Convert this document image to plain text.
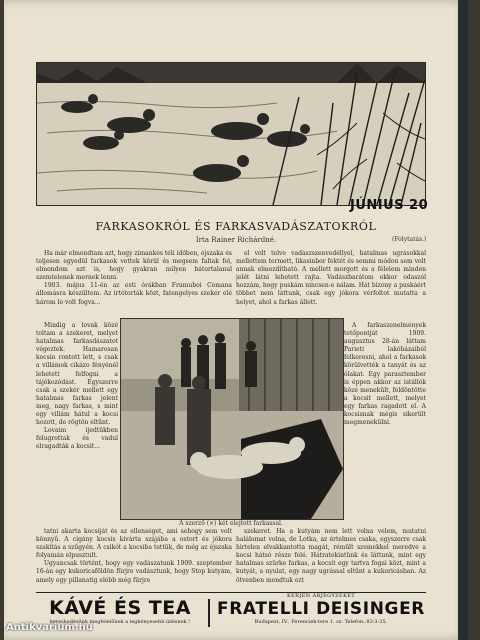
JÚNIUS 20
FARKASOKRÓL ÉS FARKASVADÁSZATOKRÓL
Irta Rainer Richárdné.	(Folytatás.)

Ha már elmondtam azt, hogy zimankós téli időben, éjszaka és teljesen egyedül farkasok vettek körül és megsem faltak fel, elmondom azt is, hogy gyakran milyen bátortalanul szemtelenek mernek lenni.

1903. május 11-én az esti órákban Frumuboi Comana állomásra készültem. Az irtótorták közt, fatengelyes szekér elé három lo volt fogva...

el volt telve vadászszenvedéllyel, hatalmas ugrásokkal mellettem termett, likasinbor fektét és semmi módon sem volt annak elmozdítható. A mellett morgott és a félelem minden jelét látni lehetett rajta. Vadászbarátom ekkor odaszól hozzám, hogy puskám nincsen-e nálam. Hát bizony a puskáért többet nem láttunk, csak egy jókora vérfoltot mutatta a helyet, ahol a farkas állott.

Mindig a lovak közé toltam a szekeret, melyet hatalmas farkasdászatot végeztek. Hamarosan kocsin rontott lett, s csak a villámok cikázo fényénél lehetett felfogni a tájékozódást. Egyszerre csak a szekér mellett egy hatalmas farkas jelent meg, nagy farkas, s mint egy villám hátul a kocsi hozott, de rögtön eltűnt.

Lovaim ijedtükben felugrottak és vadul elragadták a kocsit...

A szerző (×) két elejtett farkassal.

A farkaszenelmények tetőpontját 1909. augusztus 28-án láttam Parieti lakóházaiból felkeresni, ahol a farkasok körülvették a tanyát és az ólakat. Egy parasztember is éppen akkor az istállók közé menekült, feldöntötte a kocsit mellett, melyet egy farkas ragadott el. A kocsisnak mégis sikerült megmenekülni.

tatni akarta kocsiját és az ellenséget, ami sehogy sem volt könnyű. A cigány kocsis kivárta szájába a ostort és jókora szakítás a szűgyén. A csikót a kocsiba tettük, de még az éjszaka folyamán elpusztult.

Ugyancsak történt, hogy egy vadászatunk 1909. szeptember 16-án egy kukoricaföldön fürjre vadásztunk, hogy Stop kutyám, amely egy pillanatig elébb még fürjre

szekeret. Ha a kutyám nem lett volna velem, mutatni halálomat volna, de Lotka, az értelmes csaka, egyszerre csak hirtelen elvakkantotta magát, rémült szemekkel meredve a kocsi hátsó része felé. Hátratekintünk és láttunk, mint egy hatalmas szürke farkas, a kocsit egy tartva fogai közt, mint a kutyát, a nyulat, egy nagy ugrással eltűnt a kukoricásban. Az ötvenben mondtuk ezt

KÁVÉ ÉS TEA
kereskedésünk megfelelőnek a legkényesebb ízlésnek !
KÉRJEN ÁRJEGYZÉKET
FRATELLI DEISINGER
Budapest, IV., Ferenciek-tere 1. sz. Telefon: 83-3-35.
Antikvarium.hu
